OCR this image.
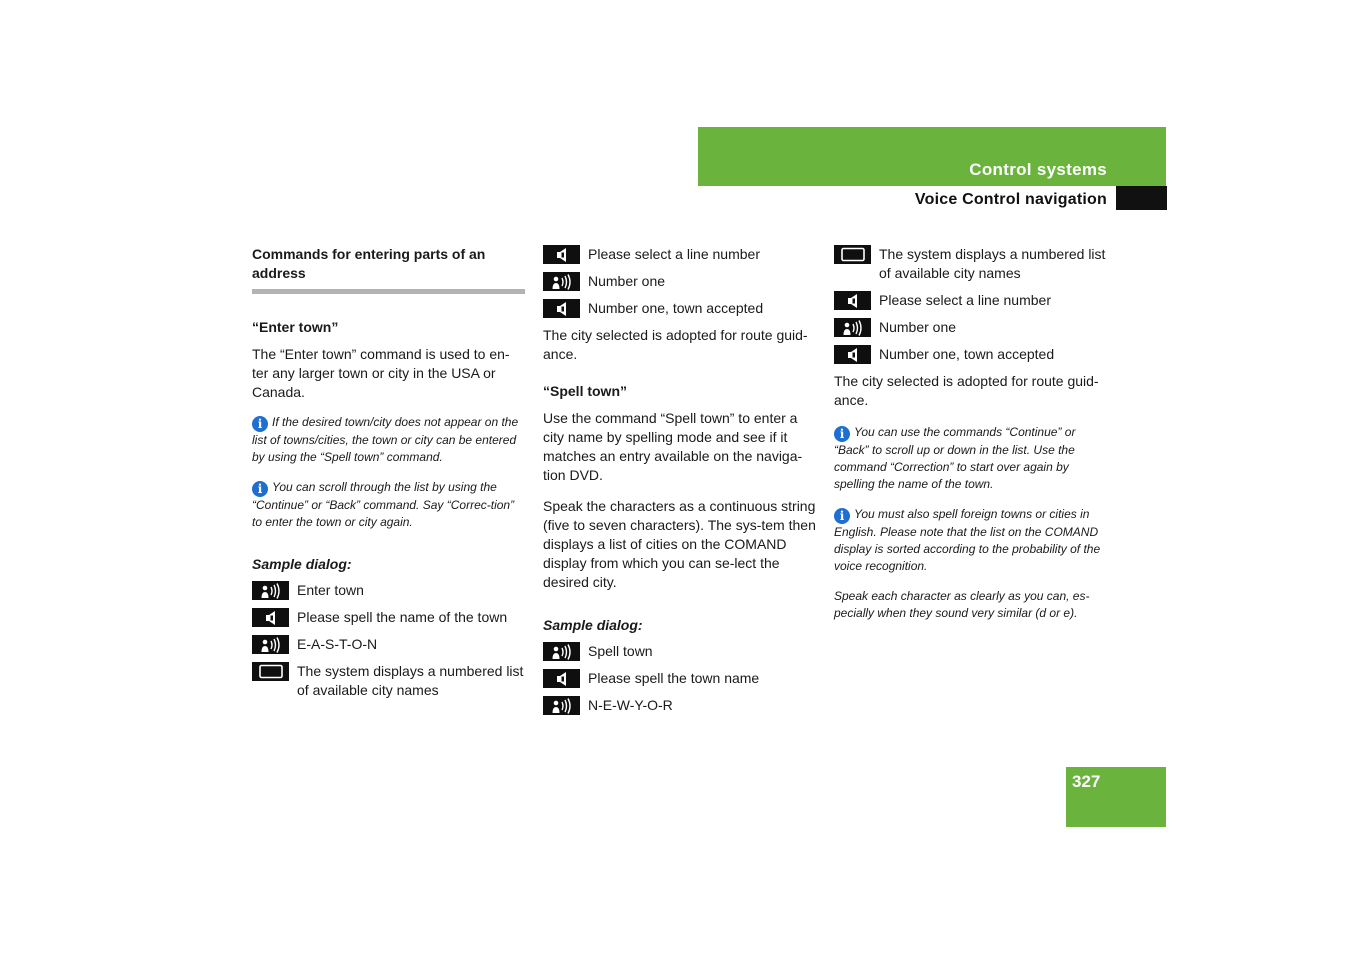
Control systems
Voice Control navigation
Commands for entering parts of an address
“Enter town”
The “Enter town” command is used to en-ter any larger town or city in the USA or Canada.
i If the desired town/city does not appear on the list of towns/cities, the town or city can be entered by using the “Spell town” command.
i You can scroll through the list by using the “Continue” or “Back” command. Say “Correc-tion” to enter the town or city again.
Sample dialog:
Enter town
Please spell the name of the town
E-A-S-T-O-N
The system displays a numbered list of available city names
Please select a line number
Number one
Number one, town accepted
The city selected is adopted for route guid-ance.
“Spell town”
Use the command “Spell town” to enter a city name by spelling mode and see if it matches an entry available on the naviga-tion DVD.
Speak the characters as a continuous string (five to seven characters). The sys-tem then displays a list of cities on the COMAND display from which you can se-lect the desired city.
Sample dialog:
Spell town
Please spell the town name
N-E-W-Y-O-R
The system displays a numbered list of available city names
Please select a line number
Number one
Number one, town accepted
The city selected is adopted for route guid-ance.
i You can use the commands “Continue” or “Back” to scroll up or down in the list. Use the command “Correction” to start over again by spelling the name of the town.
i You must also spell foreign towns or cities in English. Please note that the list on the COMAND display is sorted according to the probability of the voice recognition.
Speak each character as clearly as you can, es-pecially when they sound very similar (d or e).
327
